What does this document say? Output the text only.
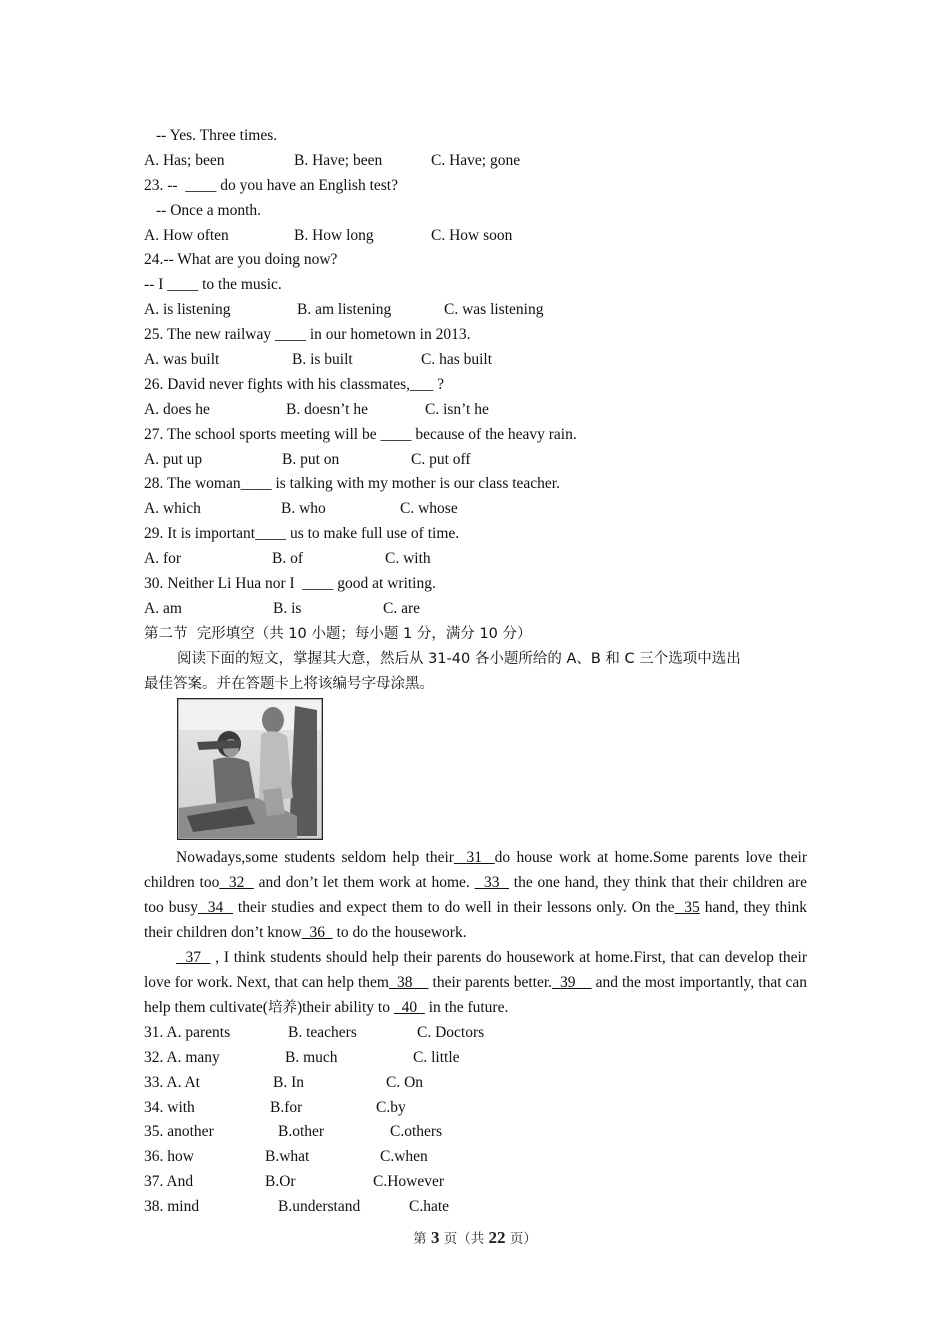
-- Yes. Three times.

A. Has; been

	B. Have; been

	C. Have; gone

23. --  ____ do you have an English test?
-- Once a month.

A. How often

	B. How long

	C. How soon

24.-- What are you doing now?
-- I ____ to the music.

A. is listening

	B. am listening

	C. was listening

25. The new railway ____ in our hometown in 2013.

A. was built

	B. is built

	C. has built

26. David never fights with his classmates,___ ?

A. does he

	B. doesn’t he

	C. isn’t he

27. The school sports meeting will be ____ because of the heavy rain.

A. put up

	B. put on

	C. put off

28. The woman____ is talking with my mother is our class teacher.

A. which

	B. who

	C. whose

29. It is important____ us to make full use of time.

A. for

	B. of

	C. with

30. Neither Li Hua nor I  ____ good at writing.

A. am

	B. is

	C. are

第二节  完形填空（共 10 小题；每小题 1 分，满分 10 分）
阅读下面的短文，掌握其大意，然后从 31-40 各小题所给的 A、B 和 C 三个选项中选出
最佳答案。并在答题卡上将该编号字母涂黑。
Nowadays,some students seldom help their  31  do house work at home.Some parents love their children too  32   and don’t let them work at home.   33   the one hand, they think that their children are too busy  34   their studies and expect them to do well in their lessons only. On the  35 hand, they think their children don’t know  36   to do the housework.
37   , I think students should help their parents do housework at home.First, that can develop their love for work. Next, that can help them  38     their parents better.  39     and the most importantly, that can help them cultivate(培养)their ability to   40   in the future.

31. A. parents

	B. teachers

	C. Doctors

32. A. many

	B. much

	C. little

33. A. At

	B. In

	C. On

34. with

	B.for

	C.by

35. another

	B.other

	C.others

36. how

	B.what

	C.when

37. And

	B.Or

	C.However

38. mind

	B.understand

	C.hate

第 3 页（共 22 页）
